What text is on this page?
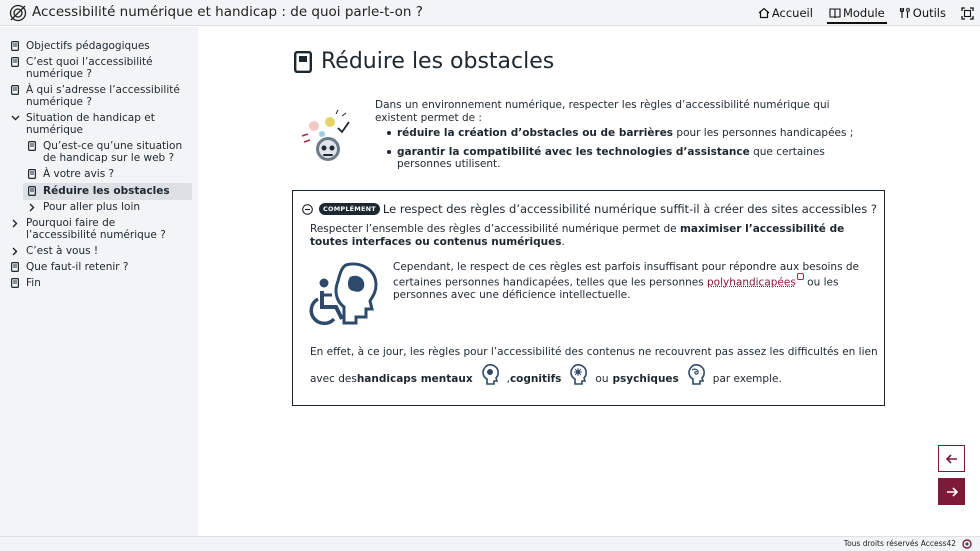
Accessibilité numérique et handicap : de quoi parle-t-on ?	Accueil	Module Outils
Objectifs pédagogiques
C’est quoi l’accessibilité numérique ?
À qui s’adresse l’accessibilité numérique ?
Situation de handicap et numérique
Qu’est-ce qu’une situation de handicap sur le web ?
À votre avis ?
Réduire les obstacles
Pour aller plus loin
Pourquoi faire de l’accessibilité numérique ?
C’est à vous !
Que faut-il retenir ?
Fin
Réduire les obstacles

Dans un environnement numérique, respecter les règles d’accessibilité numérique qui existent permet de :

réduire la création d’obstacles ou de barrières pour les personnes handicapées ;
garantir la compatibilité avec les technologies d’assistance que certaines personnes utilisent.
COMPLÉMENT Le respect des règles d’accessibilité numérique suffit-il à créer des sites accessibles ?

Respecter l’ensemble des règles d’accessibilité numérique permet de maximiser l’accessibilité de toutes interfaces ou contenus numériques.

Cependant, le respect de ces règles est parfois insuffisant pour répondre aux besoins de certaines personnes handicapées, telles que les personnes polyhandicapées ou les personnes avec une déficience intellectuelle.

En effet, à ce jour, les règles pour l’accessibilité des contenus ne recouvrent pas assez les difficultés en lien

avec des handicaps mentaux	, cognitifs	ou psychiques	par exemple.
Tous droits réservés Access42
